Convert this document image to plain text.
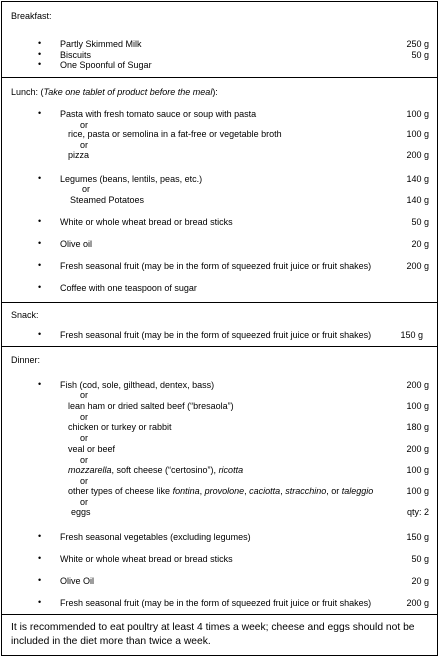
Breakfast:
• Partly Skimmed Milk	250 g
• Biscuits	50 g
• One Spoonful of Sugar
Lunch: (Take one tablet of product before the meal):
• Pasta with fresh tomato sauce or soup with pasta	100 g
or
rice, pasta or semolina in a fat-free or vegetable broth	100 g
or
pizza	200 g
• Legumes (beans, lentils, peas, etc.)	140 g
or
Steamed Potatoes	140 g
• White or whole wheat bread or bread sticks	50 g
• Olive oil	20 g
• Fresh seasonal fruit (may be in the form of squeezed fruit juice or fruit shakes)	200 g
• Coffee with one teaspoon of sugar
Snack:
• Fresh seasonal fruit (may be in the form of squeezed fruit juice or fruit shakes)	150 g
Dinner:
• Fish (cod, sole, gilthead, dentex, bass)	200 g
or
lean ham or dried salted beef (“bresaola”)	100 g
or
chicken or turkey or rabbit	180 g
or
veal or beef	200 g
or
mozzarella, soft cheese (“certosino”), ricotta	100 g
or
other types of cheese like fontina, provolone, caciotta, stracchino, or taleggio	100 g
or
eggs	qty: 2
• Fresh seasonal vegetables (excluding legumes)	150 g
• White or whole wheat bread or bread sticks	50 g
• Olive Oil	20 g
• Fresh seasonal fruit (may be in the form of squeezed fruit juice or fruit shakes)	200 g
It is recommended to eat poultry at least 4 times a week; cheese and eggs should not be included in the diet more than twice a week.
